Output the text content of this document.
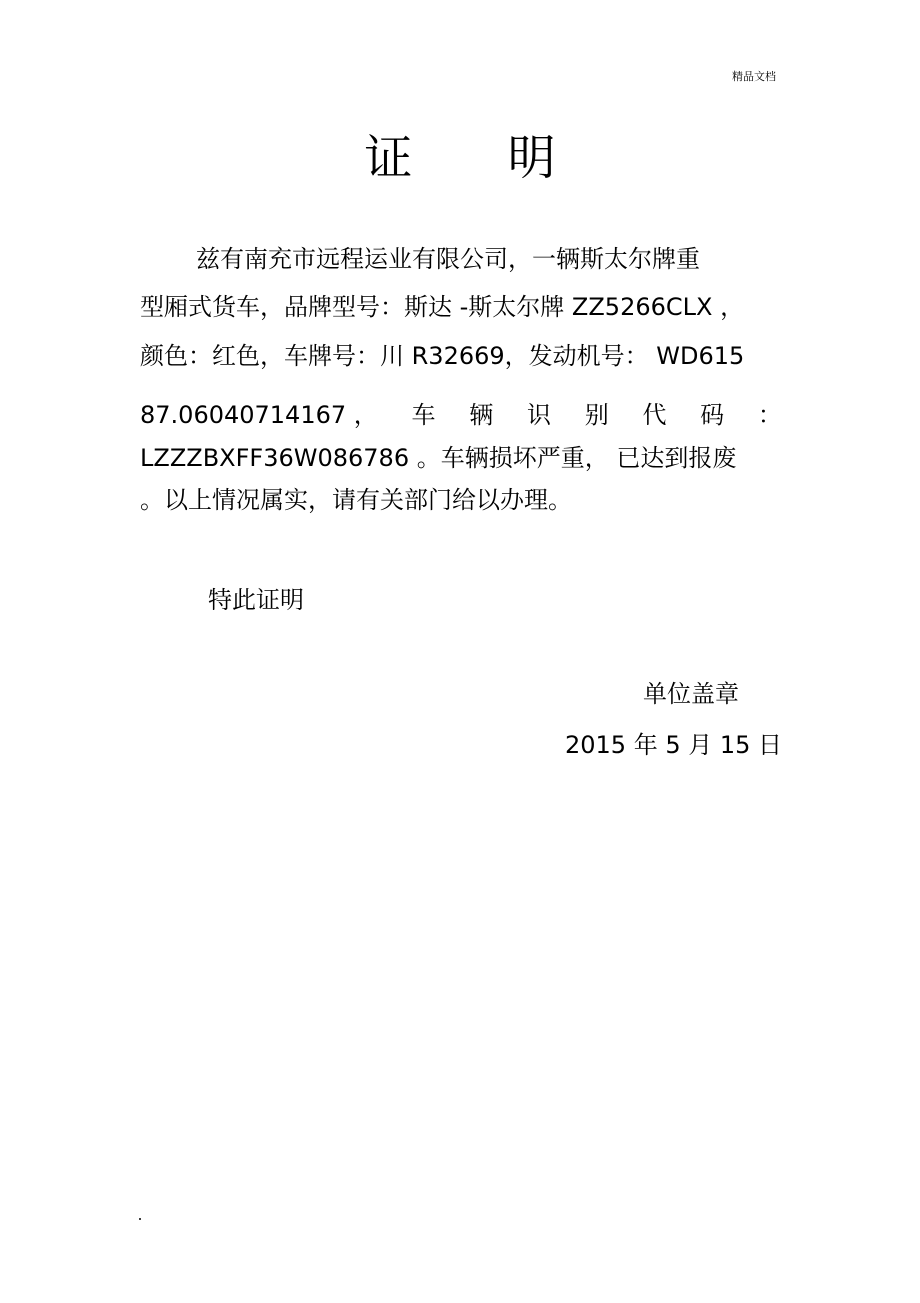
精品文档
证 明
兹有南充市远程运业有限公司，一辆斯太尔牌重
型厢式货车，品牌型号：斯达 -斯太尔牌 ZZ5266CLX ，
颜色：红色，车牌号：川 R32669，发动机号： WD615
87.06040714167 ， 车 辆 识 别 代 码 ：
LZZZBXFF36W086786 。车辆损坏严重， 已达到报废
。以上情况属实，请有关部门给以办理。
特此证明
单位盖章
2015 年 5 月 15 日
